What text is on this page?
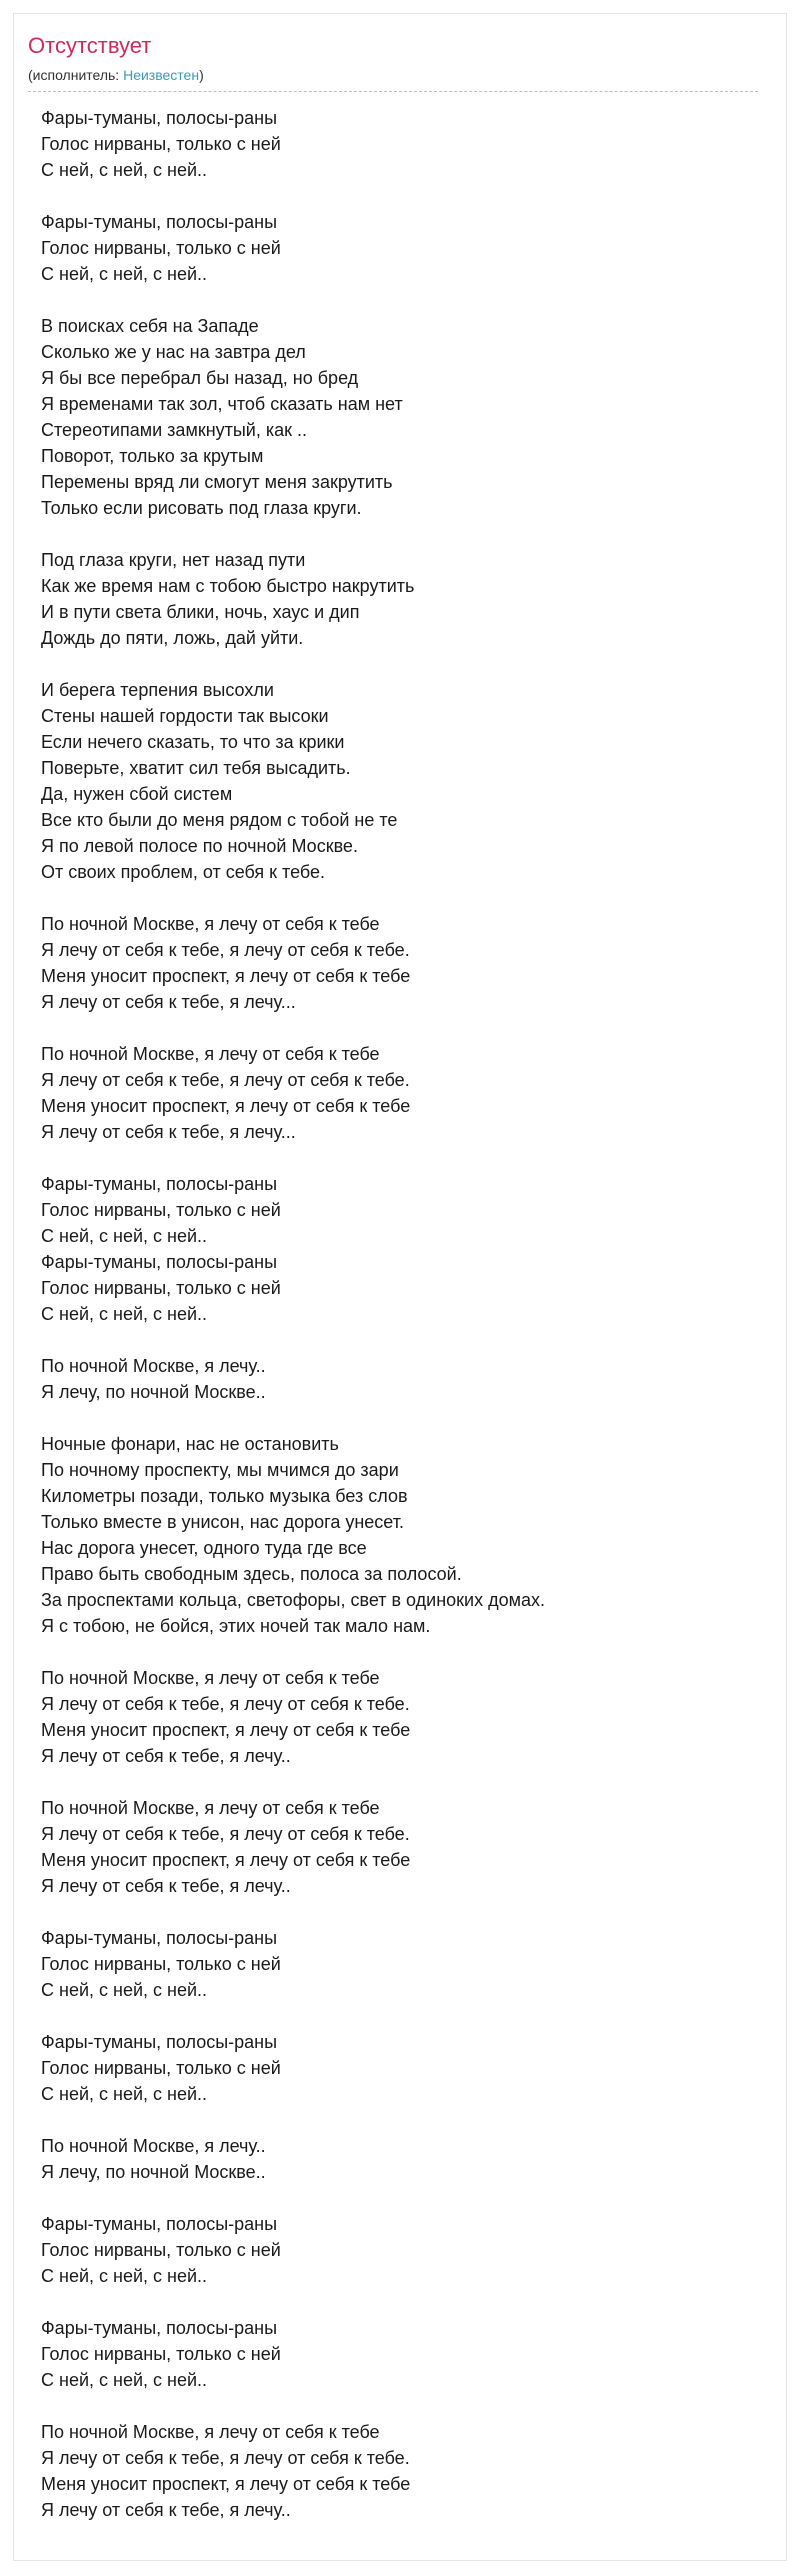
Отсутствует
(исполнитель: Неизвестен)
Фары-туманы, полосы-раны
Голос нирваны, только с ней
С ней, с ней, с ней..
Фары-туманы, полосы-раны
Голос нирваны, только с ней
С ней, с ней, с ней..
В поисках себя на Западе
Сколько же у нас на завтра дел
Я бы все перебрал бы назад, но бред
Я временами так зол, чтоб сказать нам нет
Стереотипами замкнутый, как ..
Поворот, только за крутым
Перемены вряд ли смогут меня закрутить
Только если рисовать под глаза круги.
Под глаза круги, нет назад пути
Как же время нам с тобою быстро накрутить
И в пути света блики, ночь, хаус и дип
Дождь до пяти, ложь, дай уйти.
И берега терпения высохли
Стены нашей гордости так высоки
Если нечего сказать, то что за крики
Поверьте, хватит сил тебя высадить.
Да, нужен сбой систем
Все кто были до меня рядом с тобой не те
Я по левой полосе по ночной Москве.
От своих проблем, от себя к тебе.
По ночной Москве, я лечу от себя к тебе
Я лечу от себя к тебе, я лечу от себя к тебе.
Меня уносит проспект, я лечу от себя к тебе
Я лечу от себя к тебе, я лечу...
По ночной Москве, я лечу от себя к тебе
Я лечу от себя к тебе, я лечу от себя к тебе.
Меня уносит проспект, я лечу от себя к тебе
Я лечу от себя к тебе, я лечу...
Фары-туманы, полосы-раны
Голос нирваны, только с ней
С ней, с ней, с ней..
Фары-туманы, полосы-раны
Голос нирваны, только с ней
С ней, с ней, с ней..
По ночной Москве, я лечу..
Я лечу, по ночной Москве..
Ночные фонари, нас не остановить
По ночному проспекту, мы мчимся до зари
Километры позади, только музыка без слов
Только вместе в унисон, нас дорога унесет.
Нас дорога унесет, одного туда где все
Право быть свободным здесь, полоса за полосой.
За проспектами кольца, светофоры, свет в одиноких домах.
Я с тобою, не бойся, этих ночей так мало нам.
По ночной Москве, я лечу от себя к тебе
Я лечу от себя к тебе, я лечу от себя к тебе.
Меня уносит проспект, я лечу от себя к тебе
Я лечу от себя к тебе, я лечу..
По ночной Москве, я лечу от себя к тебе
Я лечу от себя к тебе, я лечу от себя к тебе.
Меня уносит проспект, я лечу от себя к тебе
Я лечу от себя к тебе, я лечу..
Фары-туманы, полосы-раны
Голос нирваны, только с ней
С ней, с ней, с ней..
Фары-туманы, полосы-раны
Голос нирваны, только с ней
С ней, с ней, с ней..
По ночной Москве, я лечу..
Я лечу, по ночной Москве..
Фары-туманы, полосы-раны
Голос нирваны, только с ней
С ней, с ней, с ней..
Фары-туманы, полосы-раны
Голос нирваны, только с ней
С ней, с ней, с ней..
По ночной Москве, я лечу от себя к тебе
Я лечу от себя к тебе, я лечу от себя к тебе.
Меня уносит проспект, я лечу от себя к тебе
Я лечу от себя к тебе, я лечу..
